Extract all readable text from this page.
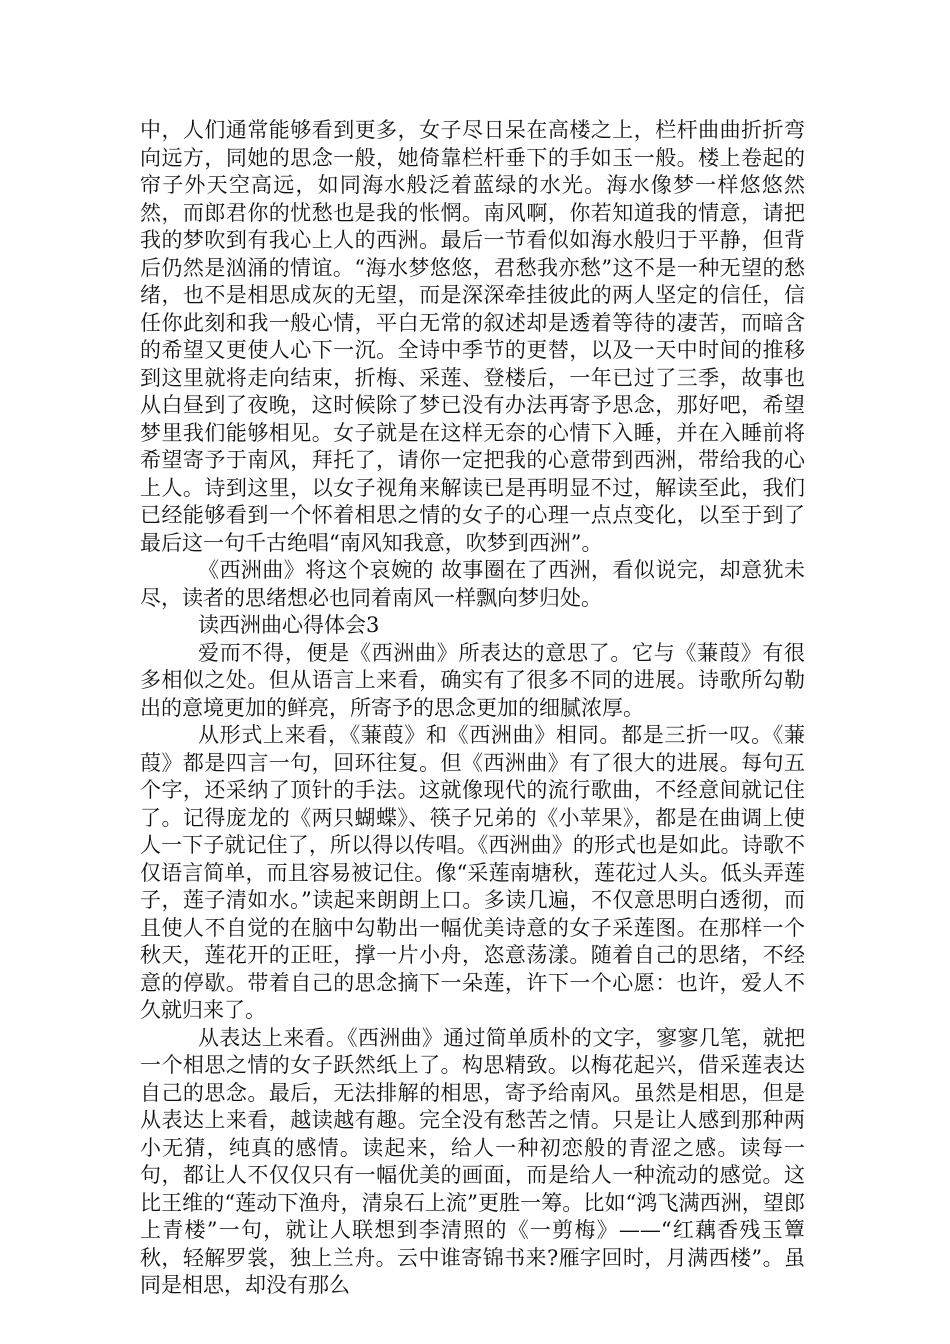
中，人们通常能够看到更多，女子尽日呆在高楼之上，栏杆曲曲折折弯向远方，同她的思念一般，她倚靠栏杆垂下的手如玉一般。楼上卷起的帘子外天空高远，如同海水般泛着蓝绿的水光。海水像梦一样悠悠然然，而郎君你的忧愁也是我的怅惘。南风啊，你若知道我的情意，请把我的梦吹到有我心上人的西洲。最后一节看似如海水般归于平静，但背后仍然是汹涌的情谊。“海水梦悠悠，君愁我亦愁”这不是一种无望的愁绪，也不是相思成灰的无望，而是深深牵挂彼此的两人坚定的信任，信任你此刻和我一般心情，平白无常的叙述却是透着等待的凄苦，而暗含的希望又更使人心下一沉。全诗中季节的更替，以及一天中时间的推移到这里就将走向结束，折梅、采莲、登楼后，一年已过了三季，故事也从白昼到了夜晚，这时候除了梦已没有办法再寄予思念，那好吧，希望梦里我们能够相见。女子就是在这样无奈的心情下入睡，并在入睡前将希望寄予于南风，拜托了，请你一定把我的心意带到西洲，带给我的心上人。诗到这里，以女子视角来解读已是再明显不过，解读至此，我们已经能够看到一个怀着相思之情的女子的心理一点点变化，以至于到了最后这一句千古绝唱“南风知我意，吹梦到西洲”。

《西洲曲》将这个哀婉的 故事圈在了西洲，看似说完，却意犹未尽，读者的思绪想必也同着南风一样飘向梦归处。

读西洲曲心得体会3

爱而不得，便是《西洲曲》所表达的意思了。它与《蒹葭》有很多相似之处。但从语言上来看，确实有了很多不同的进展。诗歌所勾勒出的意境更加的鲜亮，所寄予的思念更加的细腻浓厚。

从形式上来看，《蒹葭》和《西洲曲》相同。都是三折一叹。《蒹葭》都是四言一句，回环往复。但《西洲曲》有了很大的进展。每句五个字，还采纳了顶针的手法。这就像现代的流行歌曲，不经意间就记住了。记得庞龙的《两只蝴蝶》、筷子兄弟的《小苹果》，都是在曲调上使人一下子就记住了，所以得以传唱。《西洲曲》的形式也是如此。诗歌不仅语言简单，而且容易被记住。像“采莲南塘秋，莲花过人头。低头弄莲子，莲子清如水。”读起来朗朗上口。多读几遍，不仅意思明白透彻，而且使人不自觉的在脑中勾勒出一幅优美诗意的女子采莲图。在那样一个秋天，莲花开的正旺，撑一片小舟，恣意荡漾。随着自己的思绪，不经意的停歇。带着自己的思念摘下一朵莲，许下一个心愿：也许，爱人不久就归来了。

从表达上来看。《西洲曲》通过简单质朴的文字，寥寥几笔，就把一个相思之情的女子跃然纸上了。构思精致。以梅花起兴，借采莲表达自己的思念。最后，无法排解的相思，寄予给南风。虽然是相思，但是从表达上来看，越读越有趣。完全没有愁苦之情。只是让人感到那种两小无猜，纯真的感情。读起来，给人一种初恋般的青涩之感。读每一句，都让人不仅仅只有一幅优美的画面，而是给人一种流动的感觉。这比王维的“莲动下渔舟，清泉石上流”更胜一筹。比如“鸿飞满西洲，望郎上青楼”一句，就让人联想到李清照的《一剪梅》——“红藕香残玉簟秋，轻解罗裳，独上兰舟。云中谁寄锦书来?雁字回时，月满西楼”。虽同是相思，却没有那么
